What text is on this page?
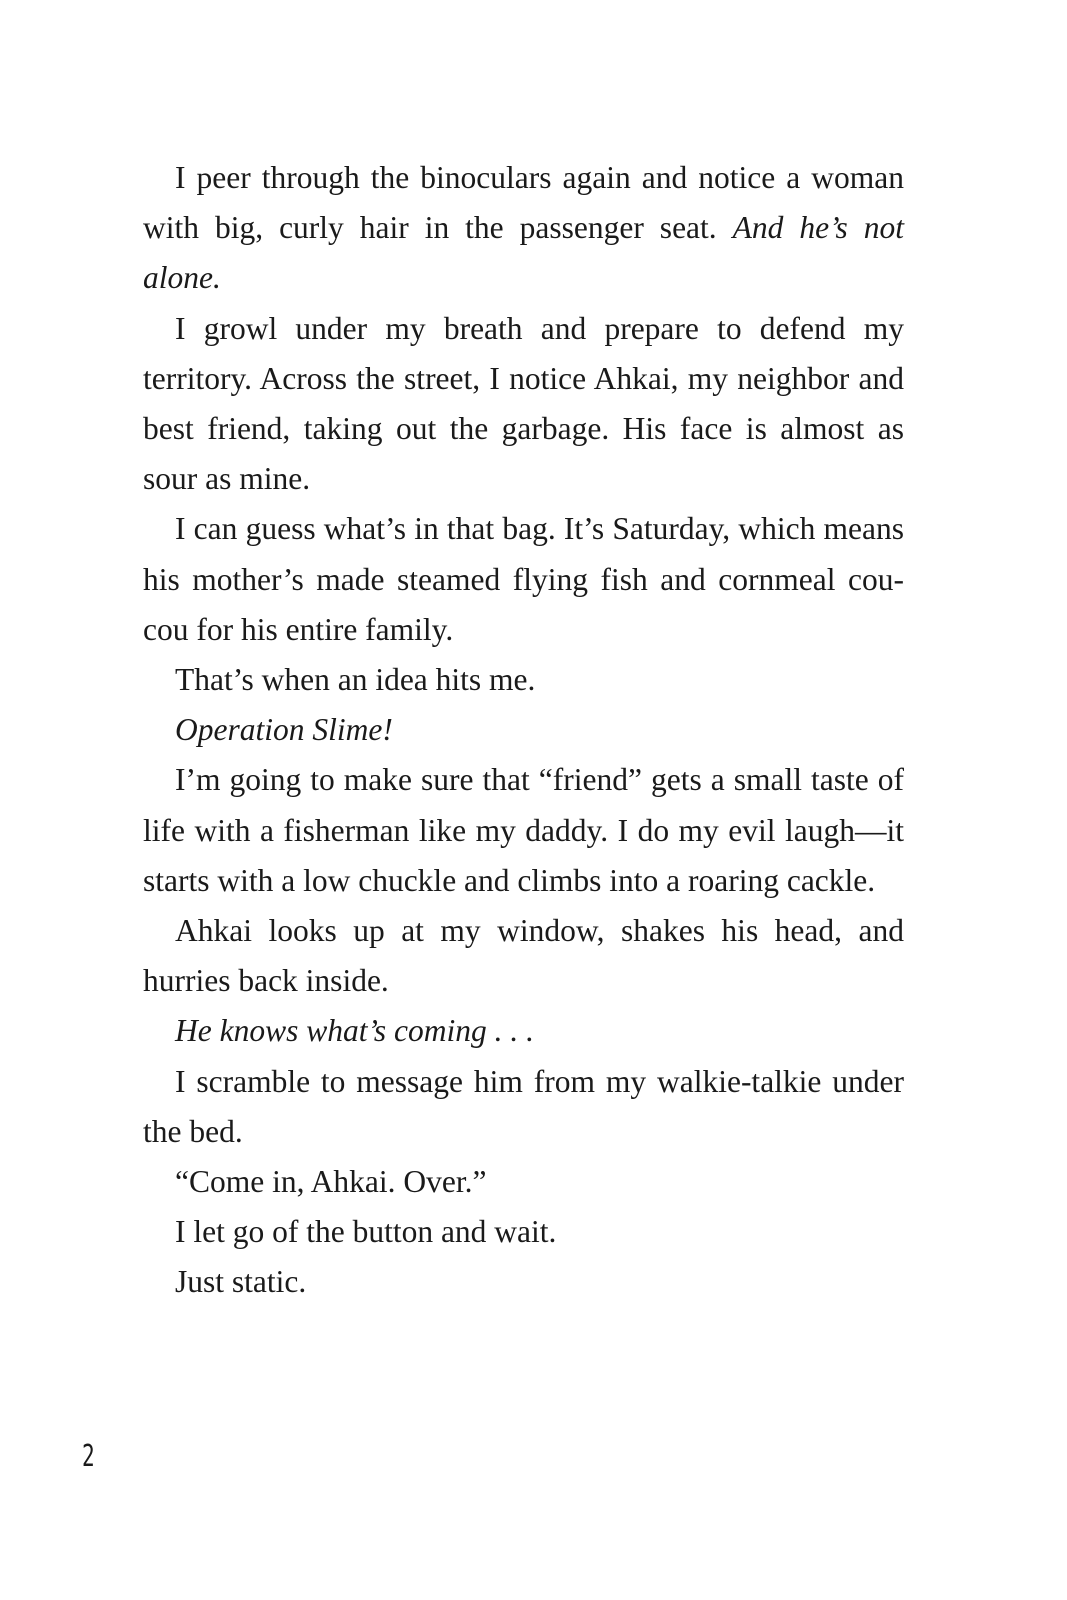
I peer through the binoculars again and notice a woman with big, curly hair in the passenger seat. And he’s not alone.

I growl under my breath and prepare to defend my territory. Across the street, I notice Ahkai, my neighbor and best friend, taking out the garbage. His face is almost as sour as mine.

I can guess what’s in that bag. It’s Saturday, which means his mother’s made steamed flying fish and cornmeal cou-cou for his entire family.

That’s when an idea hits me.

Operation Slime!

I’m going to make sure that “friend” gets a small taste of life with a fisherman like my daddy. I do my evil laugh—it starts with a low chuckle and climbs into a roaring cackle.

Ahkai looks up at my window, shakes his head, and hurries back inside.

He knows what’s coming . . .

I scramble to message him from my walkie-talkie under the bed.

“Come in, Ahkai. Over.”

I let go of the button and wait.

Just static.

2
